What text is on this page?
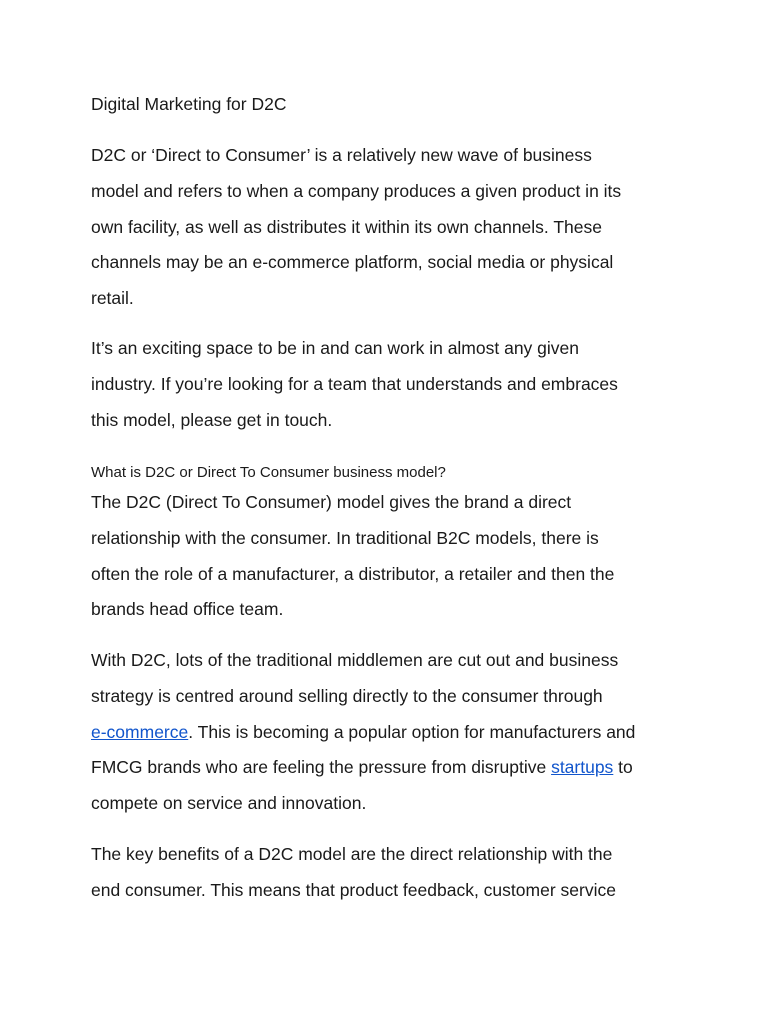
Digital Marketing for D2C

D2C or ‘Direct to Consumer’ is a relatively new wave of business
model and refers to when a company produces a given product in its
own facility, as well as distributes it within its own channels. These
channels may be an e-commerce platform, social media or physical
retail.

It’s an exciting space to be in and can work in almost any given
industry. If you’re looking for a team that understands and embraces
this model, please get in touch.

What is D2C or Direct To Consumer business model?

The D2C (Direct To Consumer) model gives the brand a direct
relationship with the consumer. In traditional B2C models, there is
often the role of a manufacturer, a distributor, a retailer and then the
brands head office team.

With D2C, lots of the traditional middlemen are cut out and business
strategy is centred around selling directly to the consumer through
e-commerce. This is becoming a popular option for manufacturers and
FMCG brands who are feeling the pressure from disruptive startups to
compete on service and innovation.

The key benefits of a D2C model are the direct relationship with the
end consumer. This means that product feedback, customer service
